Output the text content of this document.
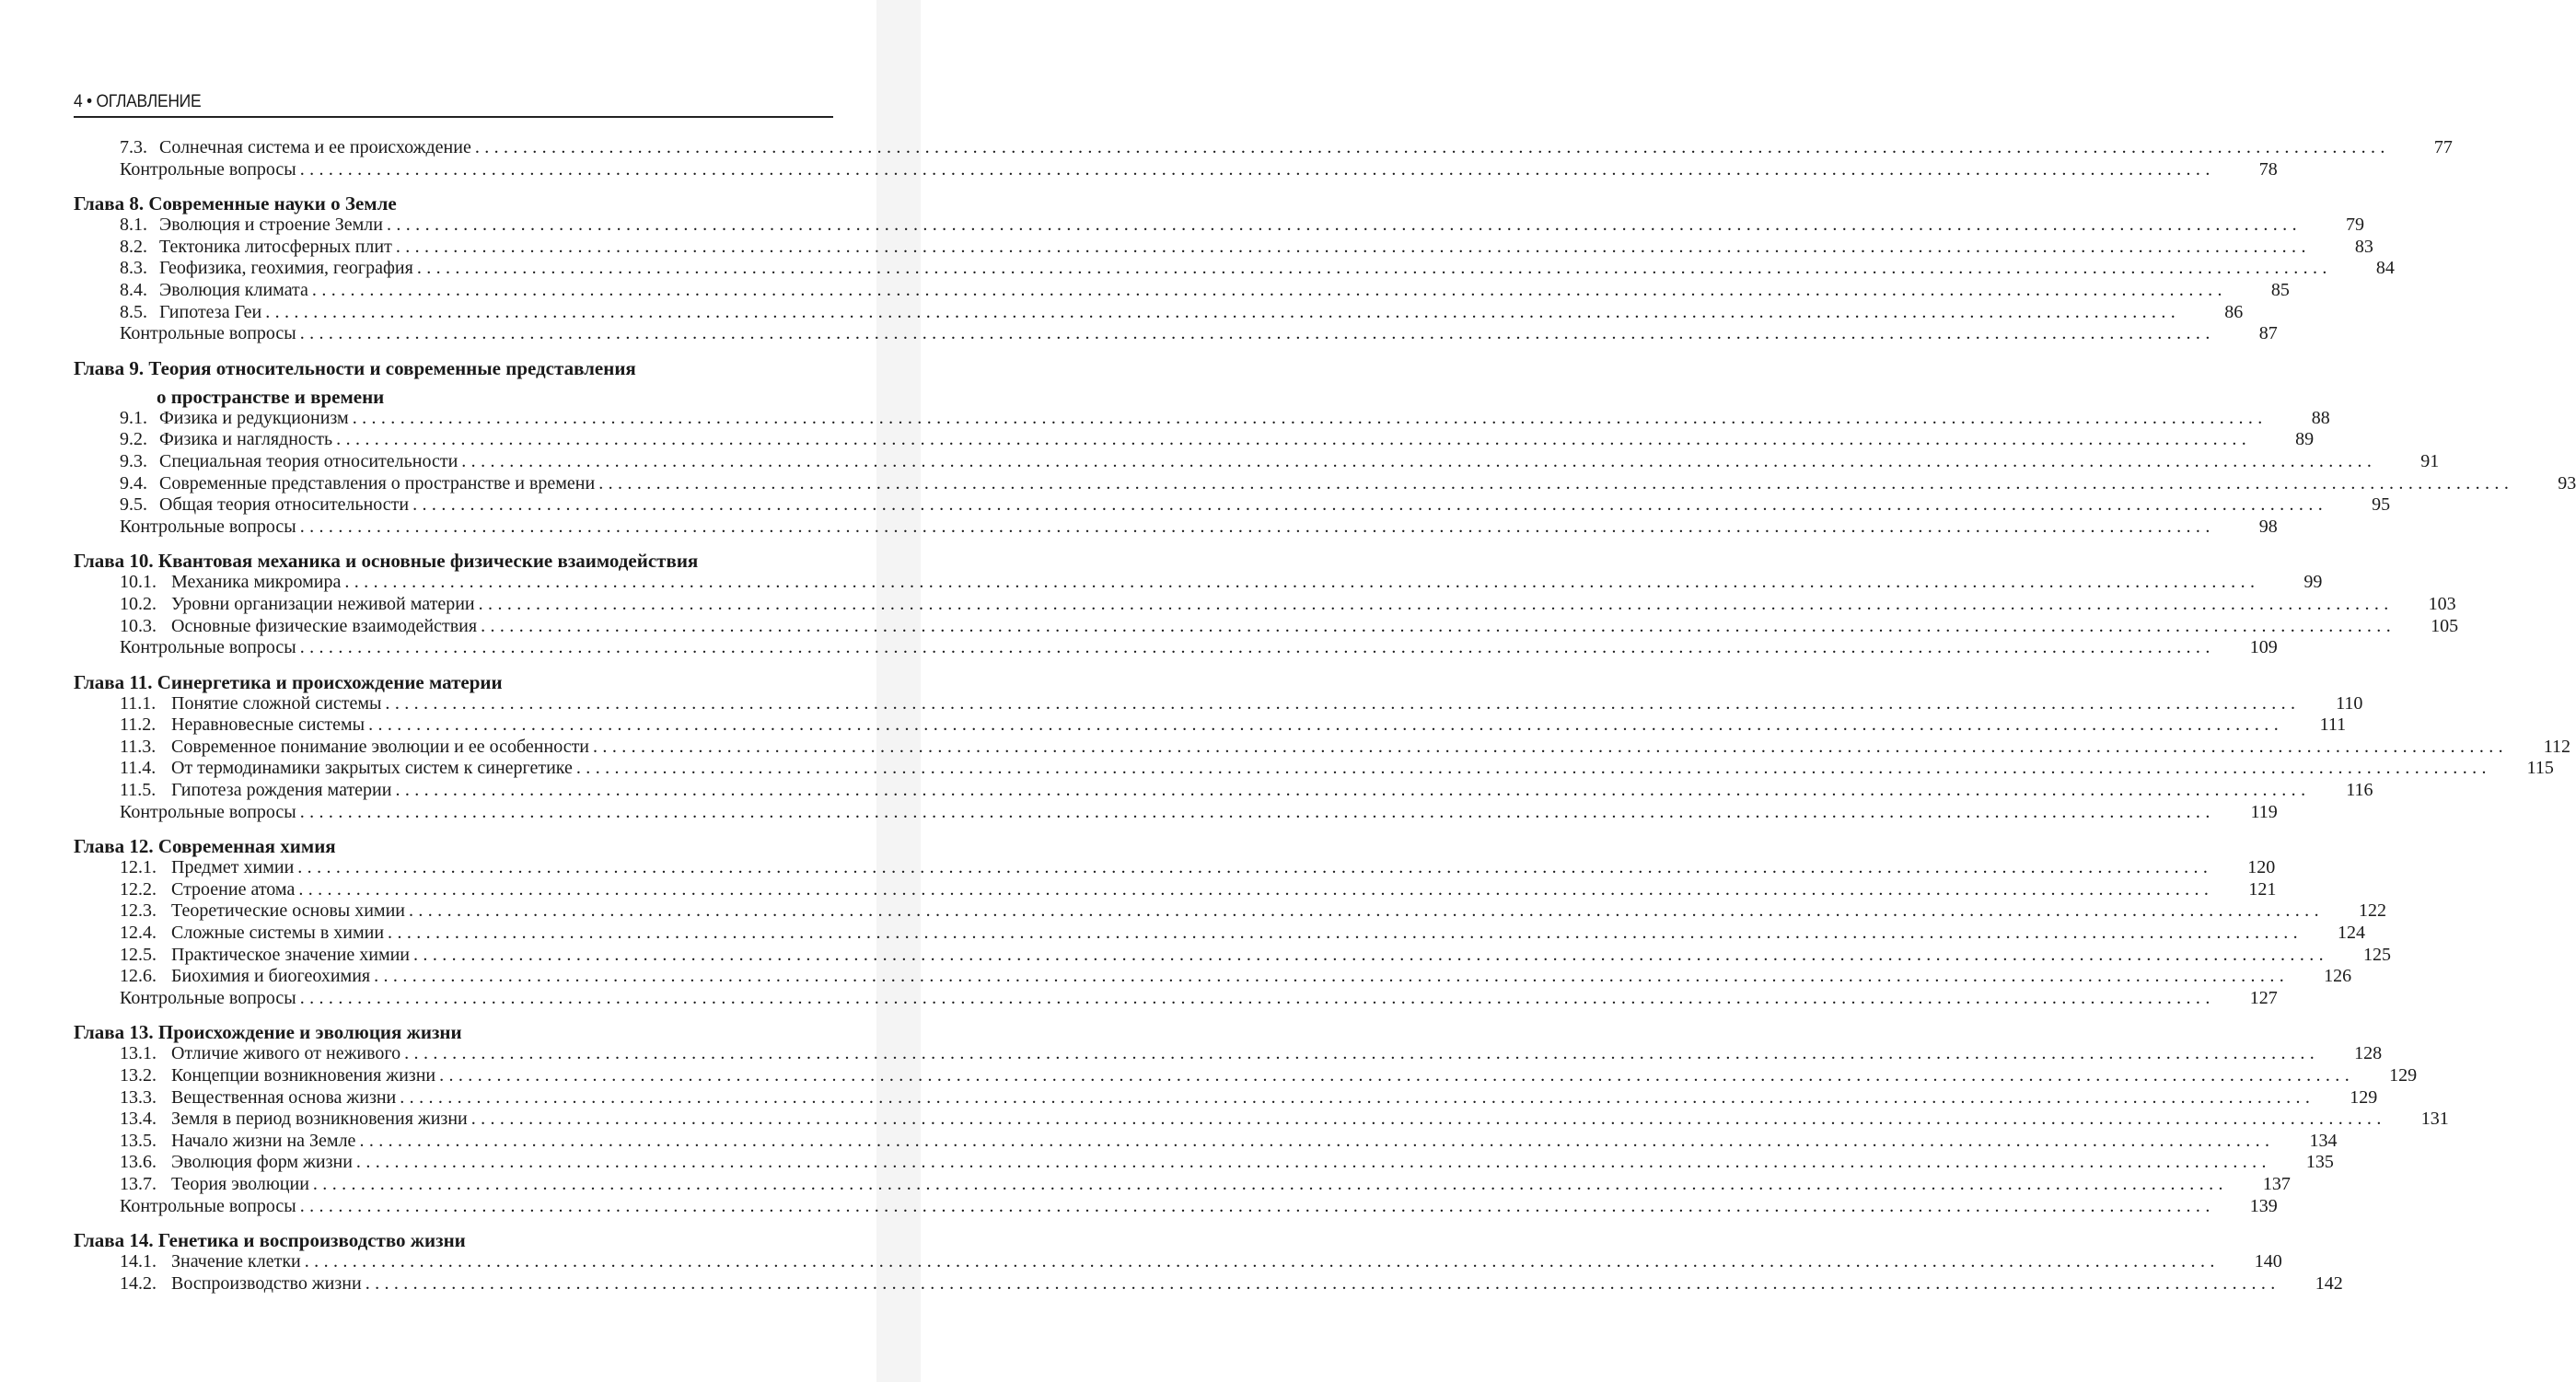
4 • ОГЛАВЛЕНИЕ
7.3. Солнечная система и ее происхождение ........................................................................................................................................................................................................	77
Контрольные вопросы ........................................................................................................................................................................................................	78
Глава 8. Современные науки о Земле
8.1. Эволюция и строение Земли ........................................................................................................................................................................................................	79
8.2. Тектоника литосферных плит ........................................................................................................................................................................................................	83
8.3. Геофизика, геохимия, география ........................................................................................................................................................................................................	84
8.4. Эволюция климата ........................................................................................................................................................................................................	85
8.5. Гипотеза Геи ........................................................................................................................................................................................................	86
Контрольные вопросы ........................................................................................................................................................................................................	87
Глава 9. Теория относительности и современные представления
о пространстве и времени
9.1. Физика и редукционизм ........................................................................................................................................................................................................	88
9.2. Физика и наглядность ........................................................................................................................................................................................................	89
9.3. Специальная теория относительности ........................................................................................................................................................................................................	91
9.4. Современные представления о пространстве и времени ........................................................................................................................................................................................................	93
9.5. Общая теория относительности ........................................................................................................................................................................................................	95
Контрольные вопросы ........................................................................................................................................................................................................	98
Глава 10. Квантовая механика и основные физические взаимодействия
10.1. Механика микромира ........................................................................................................................................................................................................	99
10.2. Уровни организации неживой материи ........................................................................................................................................................................................................	103
10.3. Основные физические взаимодействия ........................................................................................................................................................................................................	105
Контрольные вопросы ........................................................................................................................................................................................................	109
Глава 11. Синергетика и происхождение материи
11.1. Понятие сложной системы ........................................................................................................................................................................................................	110
11.2. Неравновесные системы ........................................................................................................................................................................................................	111
11.3. Современное понимание эволюции и ее особенности ........................................................................................................................................................................................................	112
11.4. От термодинамики закрытых систем к синергетике ........................................................................................................................................................................................................	115
11.5. Гипотеза рождения материи ........................................................................................................................................................................................................	116
Контрольные вопросы ........................................................................................................................................................................................................	119
Глава 12. Современная химия
12.1. Предмет химии ........................................................................................................................................................................................................	120
12.2. Строение атома ........................................................................................................................................................................................................	121
12.3. Теоретические основы химии ........................................................................................................................................................................................................	122
12.4. Сложные системы в химии ........................................................................................................................................................................................................	124
12.5. Практическое значение химии ........................................................................................................................................................................................................	125
12.6. Биохимия и биогеохимия ........................................................................................................................................................................................................	126
Контрольные вопросы ........................................................................................................................................................................................................	127
Глава 13. Происхождение и эволюция жизни
13.1. Отличие живого от неживого ........................................................................................................................................................................................................	128
13.2. Концепции возникновения жизни ........................................................................................................................................................................................................	129
13.3. Вещественная основа жизни ........................................................................................................................................................................................................	129
13.4. Земля в период возникновения жизни ........................................................................................................................................................................................................	131
13.5. Начало жизни на Земле ........................................................................................................................................................................................................	134
13.6. Эволюция форм жизни ........................................................................................................................................................................................................	135
13.7. Теория эволюции ........................................................................................................................................................................................................	137
Контрольные вопросы ........................................................................................................................................................................................................	139
Глава 14. Генетика и воспроизводство жизни
14.1. Значение клетки ........................................................................................................................................................................................................	140
14.2. Воспроизводство жизни ........................................................................................................................................................................................................	142
